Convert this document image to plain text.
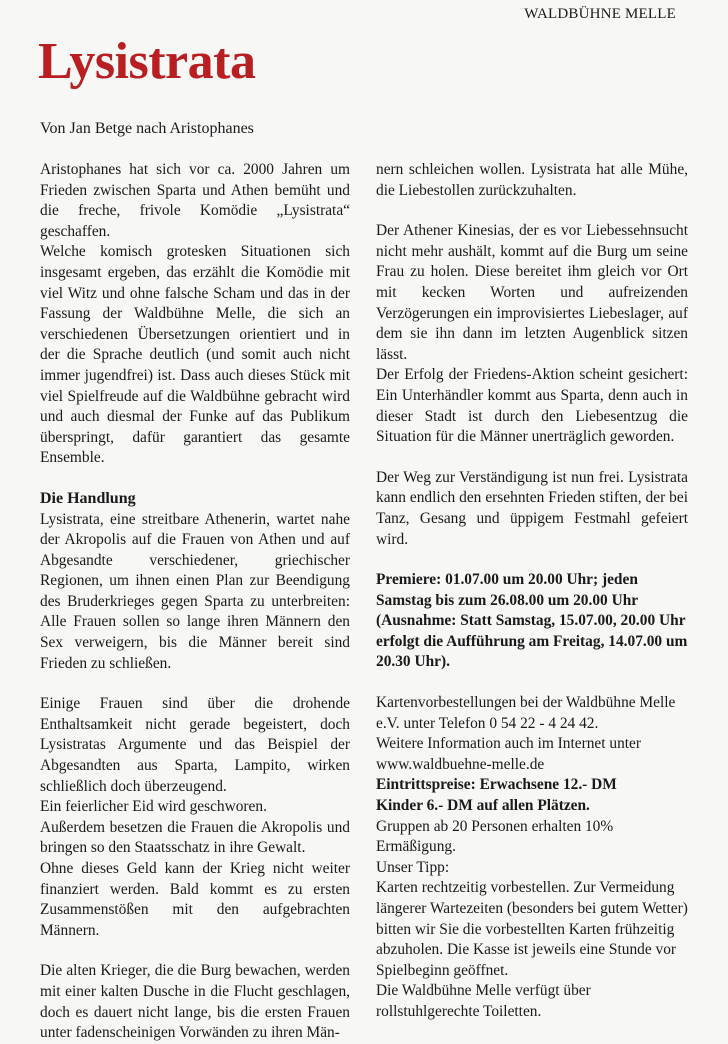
WALDBÜHNE MELLE
Lysistrata
Von Jan Betge nach Aristophanes

Aristophanes hat sich vor ca. 2000 Jahren um Frieden zwischen Sparta und Athen bemüht und die freche, frivole Komödie „Lysistrata“ geschaffen.

Welche komisch grotesken Situationen sich insgesamt ergeben, das erzählt die Komödie mit viel Witz und ohne falsche Scham und das in der Fassung der Waldbühne Melle, die sich an verschiedenen Übersetzungen orientiert und in der die Sprache deutlich (und somit auch nicht immer jugendfrei) ist. Dass auch dieses Stück mit viel Spielfreude auf die Waldbühne gebracht wird und auch diesmal der Funke auf das Publikum überspringt, dafür garantiert das gesamte Ensemble.

Die Handlung

Lysistrata, eine streitbare Athenerin, wartet nahe der Akropolis auf die Frauen von Athen und auf Abgesandte verschiedener, griechischer Regionen, um ihnen einen Plan zur Beendigung des Bruderkrieges gegen Sparta zu unterbreiten: Alle Frauen sollen so lange ihren Männern den Sex verweigern, bis die Männer bereit sind Frieden zu schließen.

Einige Frauen sind über die drohende Enthaltsamkeit nicht gerade begeistert, doch Lysistratas Argumente und das Beispiel der Abgesandten aus Sparta, Lampito, wirken schließlich doch überzeugend.

Ein feierlicher Eid wird geschworen.

Außerdem besetzen die Frauen die Akropolis und bringen so den Staatsschatz in ihre Gewalt.

Ohne dieses Geld kann der Krieg nicht weiter finanziert werden. Bald kommt es zu ersten Zusammenstößen mit den aufgebrachten Männern.

Die alten Krieger, die die Burg bewachen, werden mit einer kalten Dusche in die Flucht geschlagen, doch es dauert nicht lange, bis die ersten Frauen unter fadenscheinigen Vorwänden zu ihren Män-

nern schleichen wollen. Lysistrata hat alle Mühe, die Liebestollen zurückzuhalten.

Der Athener Kinesias, der es vor Liebessehnsucht nicht mehr aushält, kommt auf die Burg um seine Frau zu holen. Diese bereitet ihm gleich vor Ort mit kecken Worten und aufreizenden Verzögerungen ein improvisiertes Liebeslager, auf dem sie ihn dann im letzten Augenblick sitzen lässt.

Der Erfolg der Friedens-Aktion scheint gesichert: Ein Unterhändler kommt aus Sparta, denn auch in dieser Stadt ist durch den Liebesentzug die Situation für die Männer unerträglich geworden.

Der Weg zur Verständigung ist nun frei. Lysistrata kann endlich den ersehnten Frieden stiften, der bei Tanz, Gesang und üppigem Festmahl gefeiert wird.

Premiere: 01.07.00 um 20.00 Uhr; jeden Samstag bis zum 26.08.00 um 20.00 Uhr (Ausnahme: Statt Samstag, 15.07.00, 20.00 Uhr erfolgt die Aufführung am Freitag, 14.07.00 um 20.30 Uhr).

Kartenvorbestellungen bei der Waldbühne Melle e.V. unter Telefon 0 54 22 - 4 24 42.

Weitere Information auch im Internet unter

www.waldbuehne-melle.de

Eintrittspreise: Erwachsene 12.- DM

Kinder 6.- DM auf allen Plätzen.

Gruppen ab 20 Personen erhalten 10% Ermäßigung.

Unser Tipp:

Karten rechtzeitig vorbestellen. Zur Vermeidung längerer Wartezeiten (besonders bei gutem Wetter) bitten wir Sie die vorbestellten Karten frühzeitig abzuholen. Die Kasse ist jeweils eine Stunde vor Spielbeginn geöffnet.

Die Waldbühne Melle verfügt über rollstuhlgerechte Toiletten.
